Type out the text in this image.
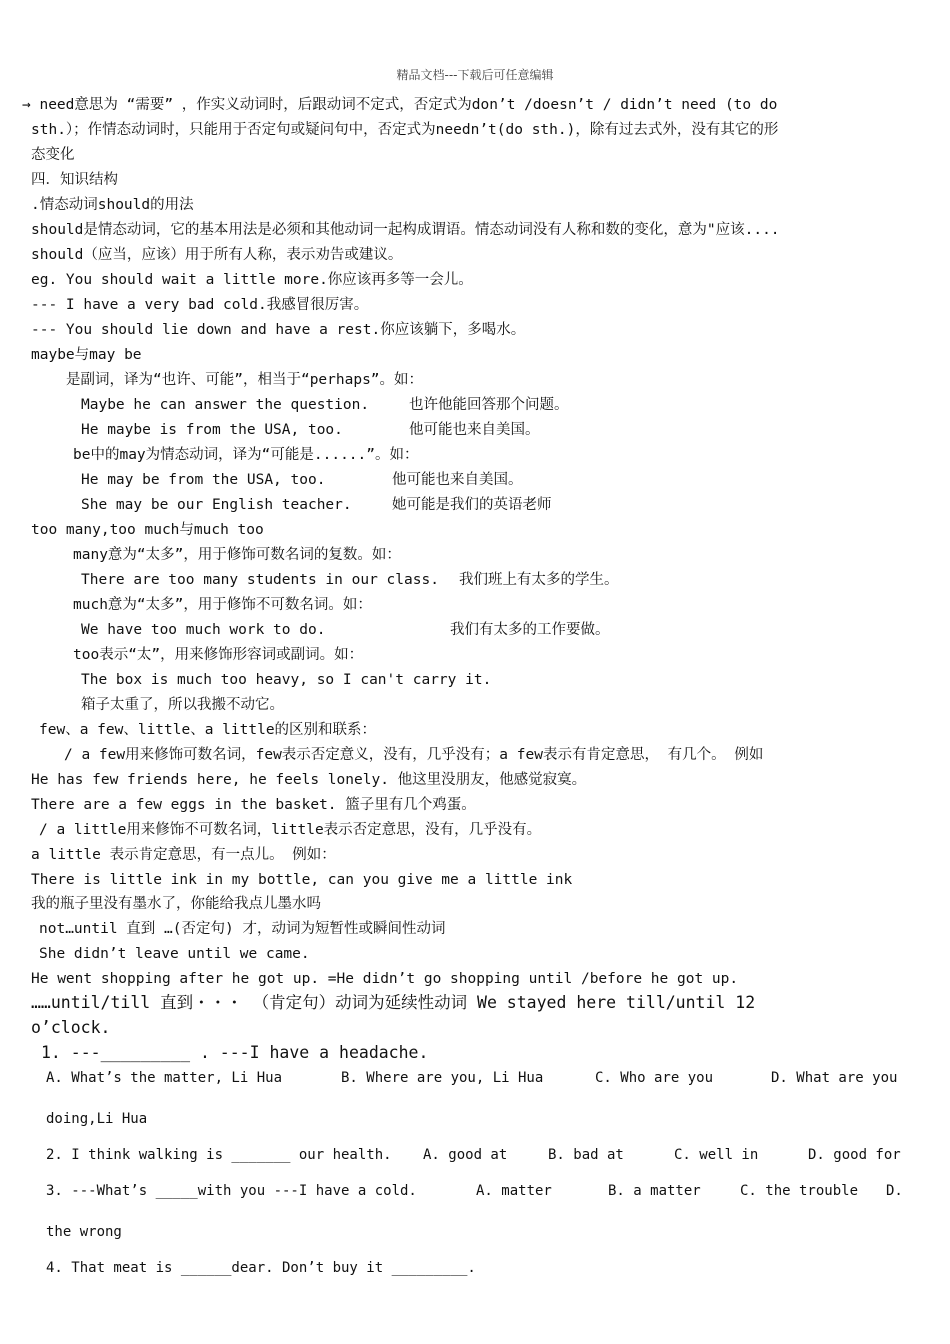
精品文档---下载后可任意编辑
→ need意思为 “需要” ，作实义动词时，后跟动词不定式，否定式为don’t /doesn’t / didn’t need (to do
sth.）；作情态动词时，只能用于否定句或疑问句中，否定式为needn’t(do sth.)，除有过去式外，没有其它的形
态变化
四．知识结构
.情态动词should的用法
should是情态动词，它的基本用法是必须和其他动词一起构成谓语。情态动词没有人称和数的变化，意为"应该....
should（应当，应该）用于所有人称，表示劝告或建议。
eg. You should wait a little more.你应该再多等一会儿。
--- I have a very bad cold.我感冒很厉害。
--- You should lie down and have a rest.你应该躺下，多喝水。
maybe与may be
是副词，译为“也许、可能”，相当于“perhaps”。如：
Maybe he can answer the question.	也许他能回答那个问题。
He maybe is from the USA, too.	他可能也来自美国。
be中的may为情态动词，译为“可能是......”。如：
He may be from the USA, too.	他可能也来自美国。
She may be our English teacher.	她可能是我们的英语老师
too many,too much与much too
many意为“太多”，用于修饰可数名词的复数。如：
There are too many students in our class. 我们班上有太多的学生。
much意为“太多”，用于修饰不可数名词。如：
We have too much work to do.	我们有太多的工作要做。
too表示“太”，用来修饰形容词或副词。如：
The box is much too heavy, so I can't carry it.
箱子太重了，所以我搬不动它。
few、a few、little、a little的区别和联系：
/ a few用来修饰可数名词，few表示否定意义，没有，几乎没有；a few表示有肯定意思， 有几个。 例如
He has few friends here, he feels lonely. 他这里没朋友，他感觉寂寞。
There are a few eggs in the basket. 篮子里有几个鸡蛋。
/ a little用来修饰不可数名词，little表示否定意思，没有，几乎没有。
a little 表示肯定意思，有一点儿。 例如：
There is little ink in my bottle, can you give me a little ink
我的瓶子里没有墨水了，你能给我点儿墨水吗
not…until 直到 …(否定句) 才，动词为短暂性或瞬间性动词
She didn’t leave until we came.
He went shopping after he got up. =He didn’t go shopping until /before he got up.
……until/till 直到・・・ （肯定句）动词为延续性动词 We stayed here till/until 12
o’clock.
1. ---_________ . ---I have a headache.
A. What’s the matter, Li Hua	B. Where are you, Li Hua	C. Who are you	D. What are you
doing,Li Hua
2. I think walking is _______ our health. A. good at	B. bad at	C. well in	D. good for
3. ---What’s _____with you ---I have a cold.	A. matter	B. a matter	C. the trouble D.
the wrong
4. That meat is ______dear. Don’t buy it _________.
